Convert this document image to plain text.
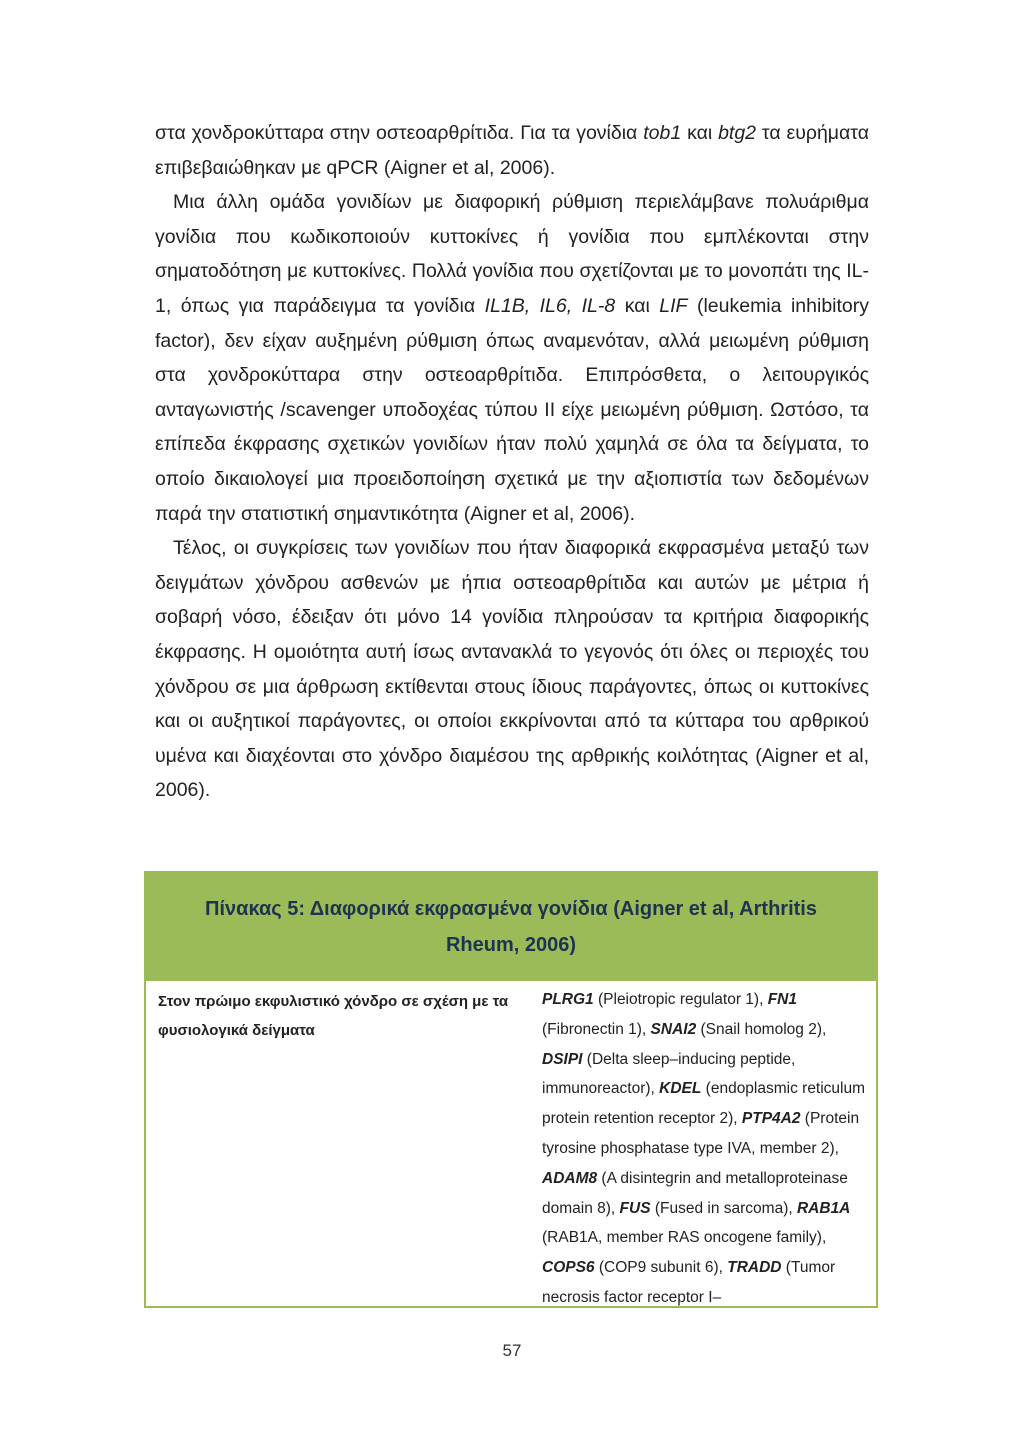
στα χονδροκύτταρα στην οστεοαρθρίτιδα. Για τα γονίδια tob1 και btg2 τα ευρήματα επιβεβαιώθηκαν με qPCR (Aigner et al, 2006).

Μια άλλη ομάδα γονιδίων με διαφορική ρύθμιση περιελάμβανε πολυάριθμα γονίδια που κωδικοποιούν κυττοκίνες ή γονίδια που εμπλέκονται στην σηματοδότηση με κυττοκίνες. Πολλά γονίδια που σχετίζονται με το μονοπάτι της IL-1, όπως για παράδειγμα τα γονίδια IL1B, IL6, IL-8 και LIF (leukemia inhibitory factor), δεν είχαν αυξημένη ρύθμιση όπως αναμενόταν, αλλά μειωμένη ρύθμιση στα χονδροκύτταρα στην οστεοαρθρίτιδα. Επιπρόσθετα, ο λειτουργικός ανταγωνιστής /scavenger υποδοχέας τύπου II είχε μειωμένη ρύθμιση. Ωστόσο, τα επίπεδα έκφρασης σχετικών γονιδίων ήταν πολύ χαμηλά σε όλα τα δείγματα, το οποίο δικαιολογεί μια προειδοποίηση σχετικά με την αξιοπιστία των δεδομένων παρά την στατιστική σημαντικότητα (Aigner et al, 2006).

Τέλος, οι συγκρίσεις των γονιδίων που ήταν διαφορικά εκφρασμένα μεταξύ των δειγμάτων χόνδρου ασθενών με ήπια οστεοαρθρίτιδα και αυτών με μέτρια ή σοβαρή νόσο, έδειξαν ότι μόνο 14 γονίδια πληρούσαν τα κριτήρια διαφορικής έκφρασης. Η ομοιότητα αυτή ίσως αντανακλά το γεγονός ότι όλες οι περιοχές του χόνδρου σε μια άρθρωση εκτίθενται στους ίδιους παράγοντες, όπως οι κυττοκίνες και οι αυξητικοί παράγοντες, οι οποίοι εκκρίνονται από τα κύτταρα του αρθρικού υμένα και διαχέονται στο χόνδρο διαμέσου της αρθρικής κοιλότητας (Aigner et al, 2006).

Πίνακας 5: Διαφορικά εκφρασμένα γονίδια (Aigner et al, Arthritis Rheum, 2006)
Στον πρώιμο εκφυλιστικό χόνδρο σε σχέση με τα φυσιολογικά δείγματα
PLRG1 (Pleiotropic regulator 1), FN1 (Fibronectin 1), SNAI2 (Snail homolog 2), DSIPI (Delta sleep–inducing peptide, immunoreactor), KDEL (endoplasmic reticulum protein retention receptor 2), PTP4A2 (Protein tyrosine phosphatase type IVA, member 2), ADAM8 (A disintegrin and metalloproteinase domain 8), FUS (Fused in sarcoma), RAB1A (RAB1A, member RAS oncogene family), COPS6 (COP9 subunit 6), TRADD (Tumor necrosis factor receptor I–
57
